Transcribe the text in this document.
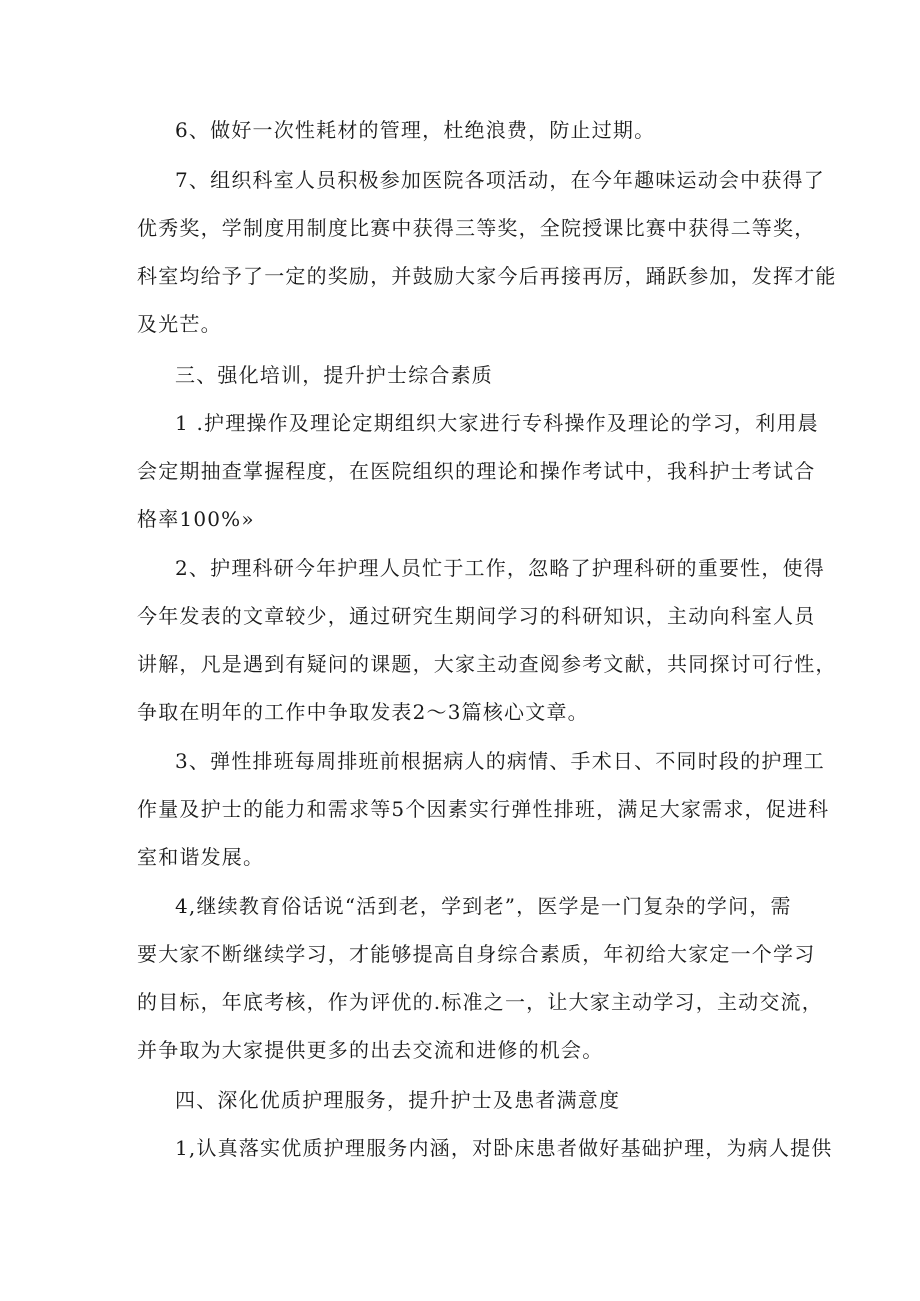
6、做好一次性耗材的管理，杜绝浪费，防止过期。
7、组织科室人员积极参加医院各项活动，在今年趣味运动会中获得了
优秀奖，学制度用制度比赛中获得三等奖，全院授课比赛中获得二等奖，
科室均给予了一定的奖励，并鼓励大家今后再接再厉，踊跃参加，发挥才能
及光芒。
三、强化培训，提升护士综合素质
1 .护理操作及理论定期组织大家进行专科操作及理论的学习，利用晨
会定期抽查掌握程度，在医院组织的理论和操作考试中，我科护士考试合
格率100%»
2、护理科研今年护理人员忙于工作，忽略了护理科研的重要性，使得
今年发表的文章较少，通过研究生期间学习的科研知识，主动向科室人员
讲解，凡是遇到有疑问的课题，大家主动查阅参考文献，共同探讨可行性，
争取在明年的工作中争取发表2～3篇核心文章。
3、弹性排班每周排班前根据病人的病情、手术日、不同时段的护理工
作量及护士的能力和需求等5个因素实行弹性排班，满足大家需求，促进科
室和谐发展。
4,继续教育俗话说“活到老，学到老”，医学是一门复杂的学问，需
要大家不断继续学习，才能够提高自身综合素质，年初给大家定一个学习
的目标，年底考核，作为评优的.标准之一，让大家主动学习，主动交流，
并争取为大家提供更多的出去交流和进修的机会。
四、深化优质护理服务，提升护士及患者满意度
1,认真落实优质护理服务内涵，对卧床患者做好基础护理，为病人提供
